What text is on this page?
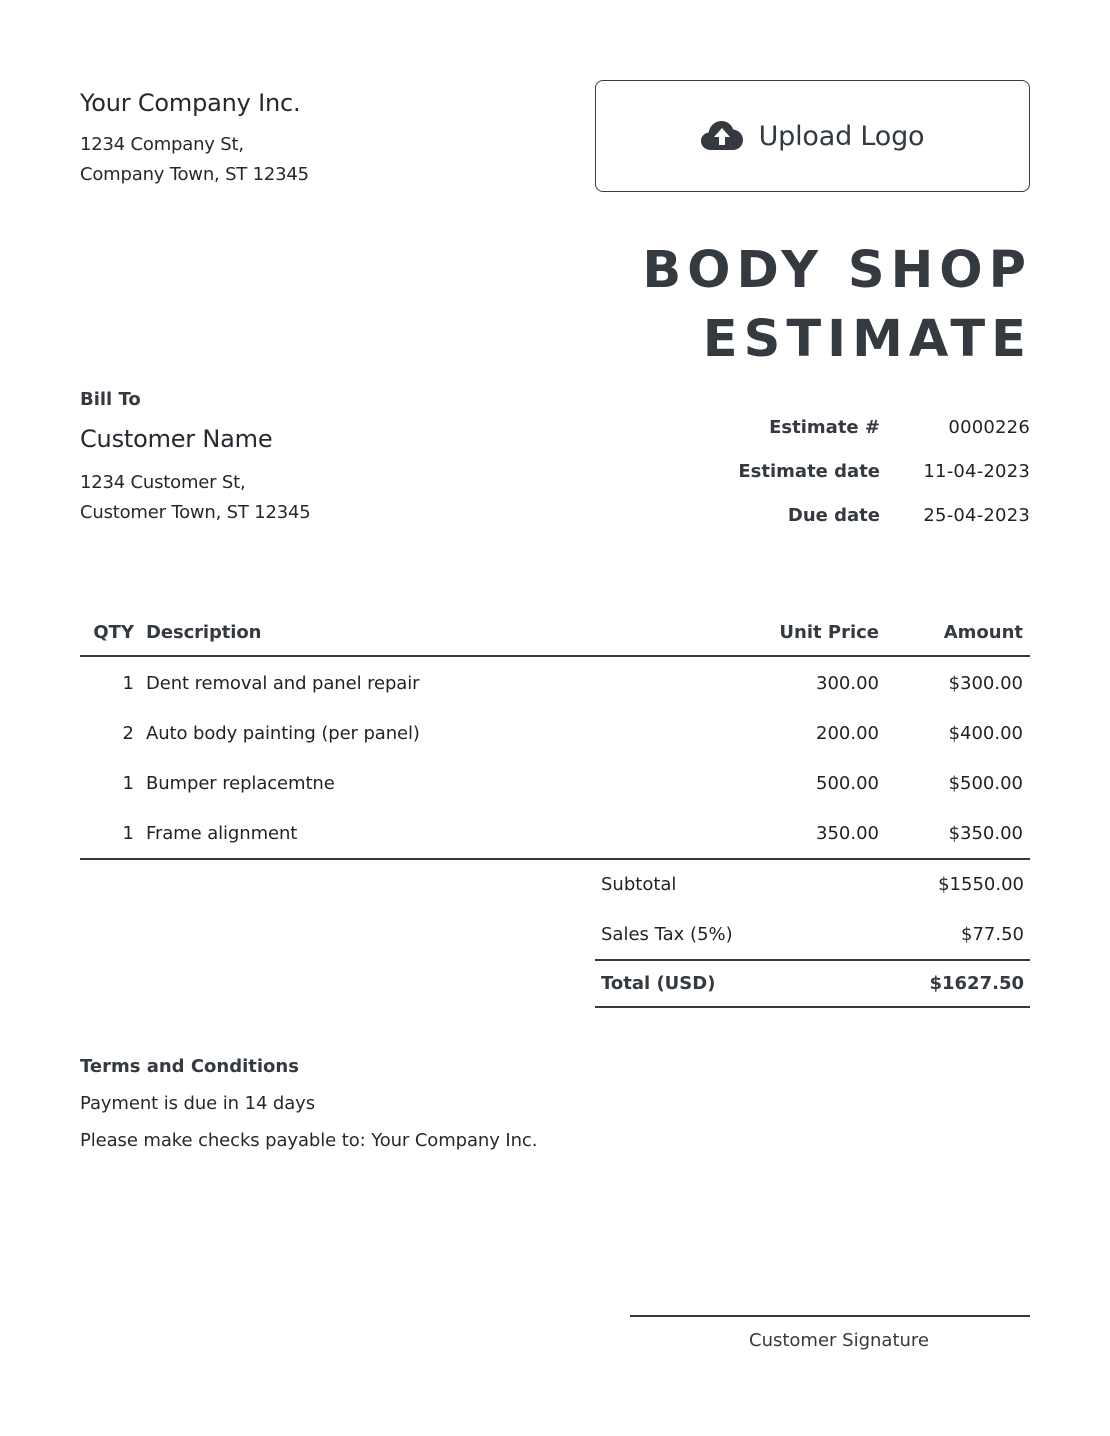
Your Company Inc.
1234 Company St,
Company Town, ST 12345
Upload Logo
BODY SHOP
ESTIMATE
Bill To
Customer Name
1234 Customer St,
Customer Town, ST 12345
Estimate #	0000226
Estimate date	11-04-2023
Due date	25-04-2023
QTY Description	Unit Price	Amount
1 Dent removal and panel repair	300.00	$300.00
2 Auto body painting (per panel)	200.00	$400.00
1 Bumper replacemtne	500.00	$500.00
1 Frame alignment	350.00	$350.00
Subtotal	$1550.00
Sales Tax (5%)	$77.50
Total (USD)	$1627.50
Terms and Conditions
Payment is due in 14 days
Please make checks payable to: Your Company Inc.
Customer Signature
